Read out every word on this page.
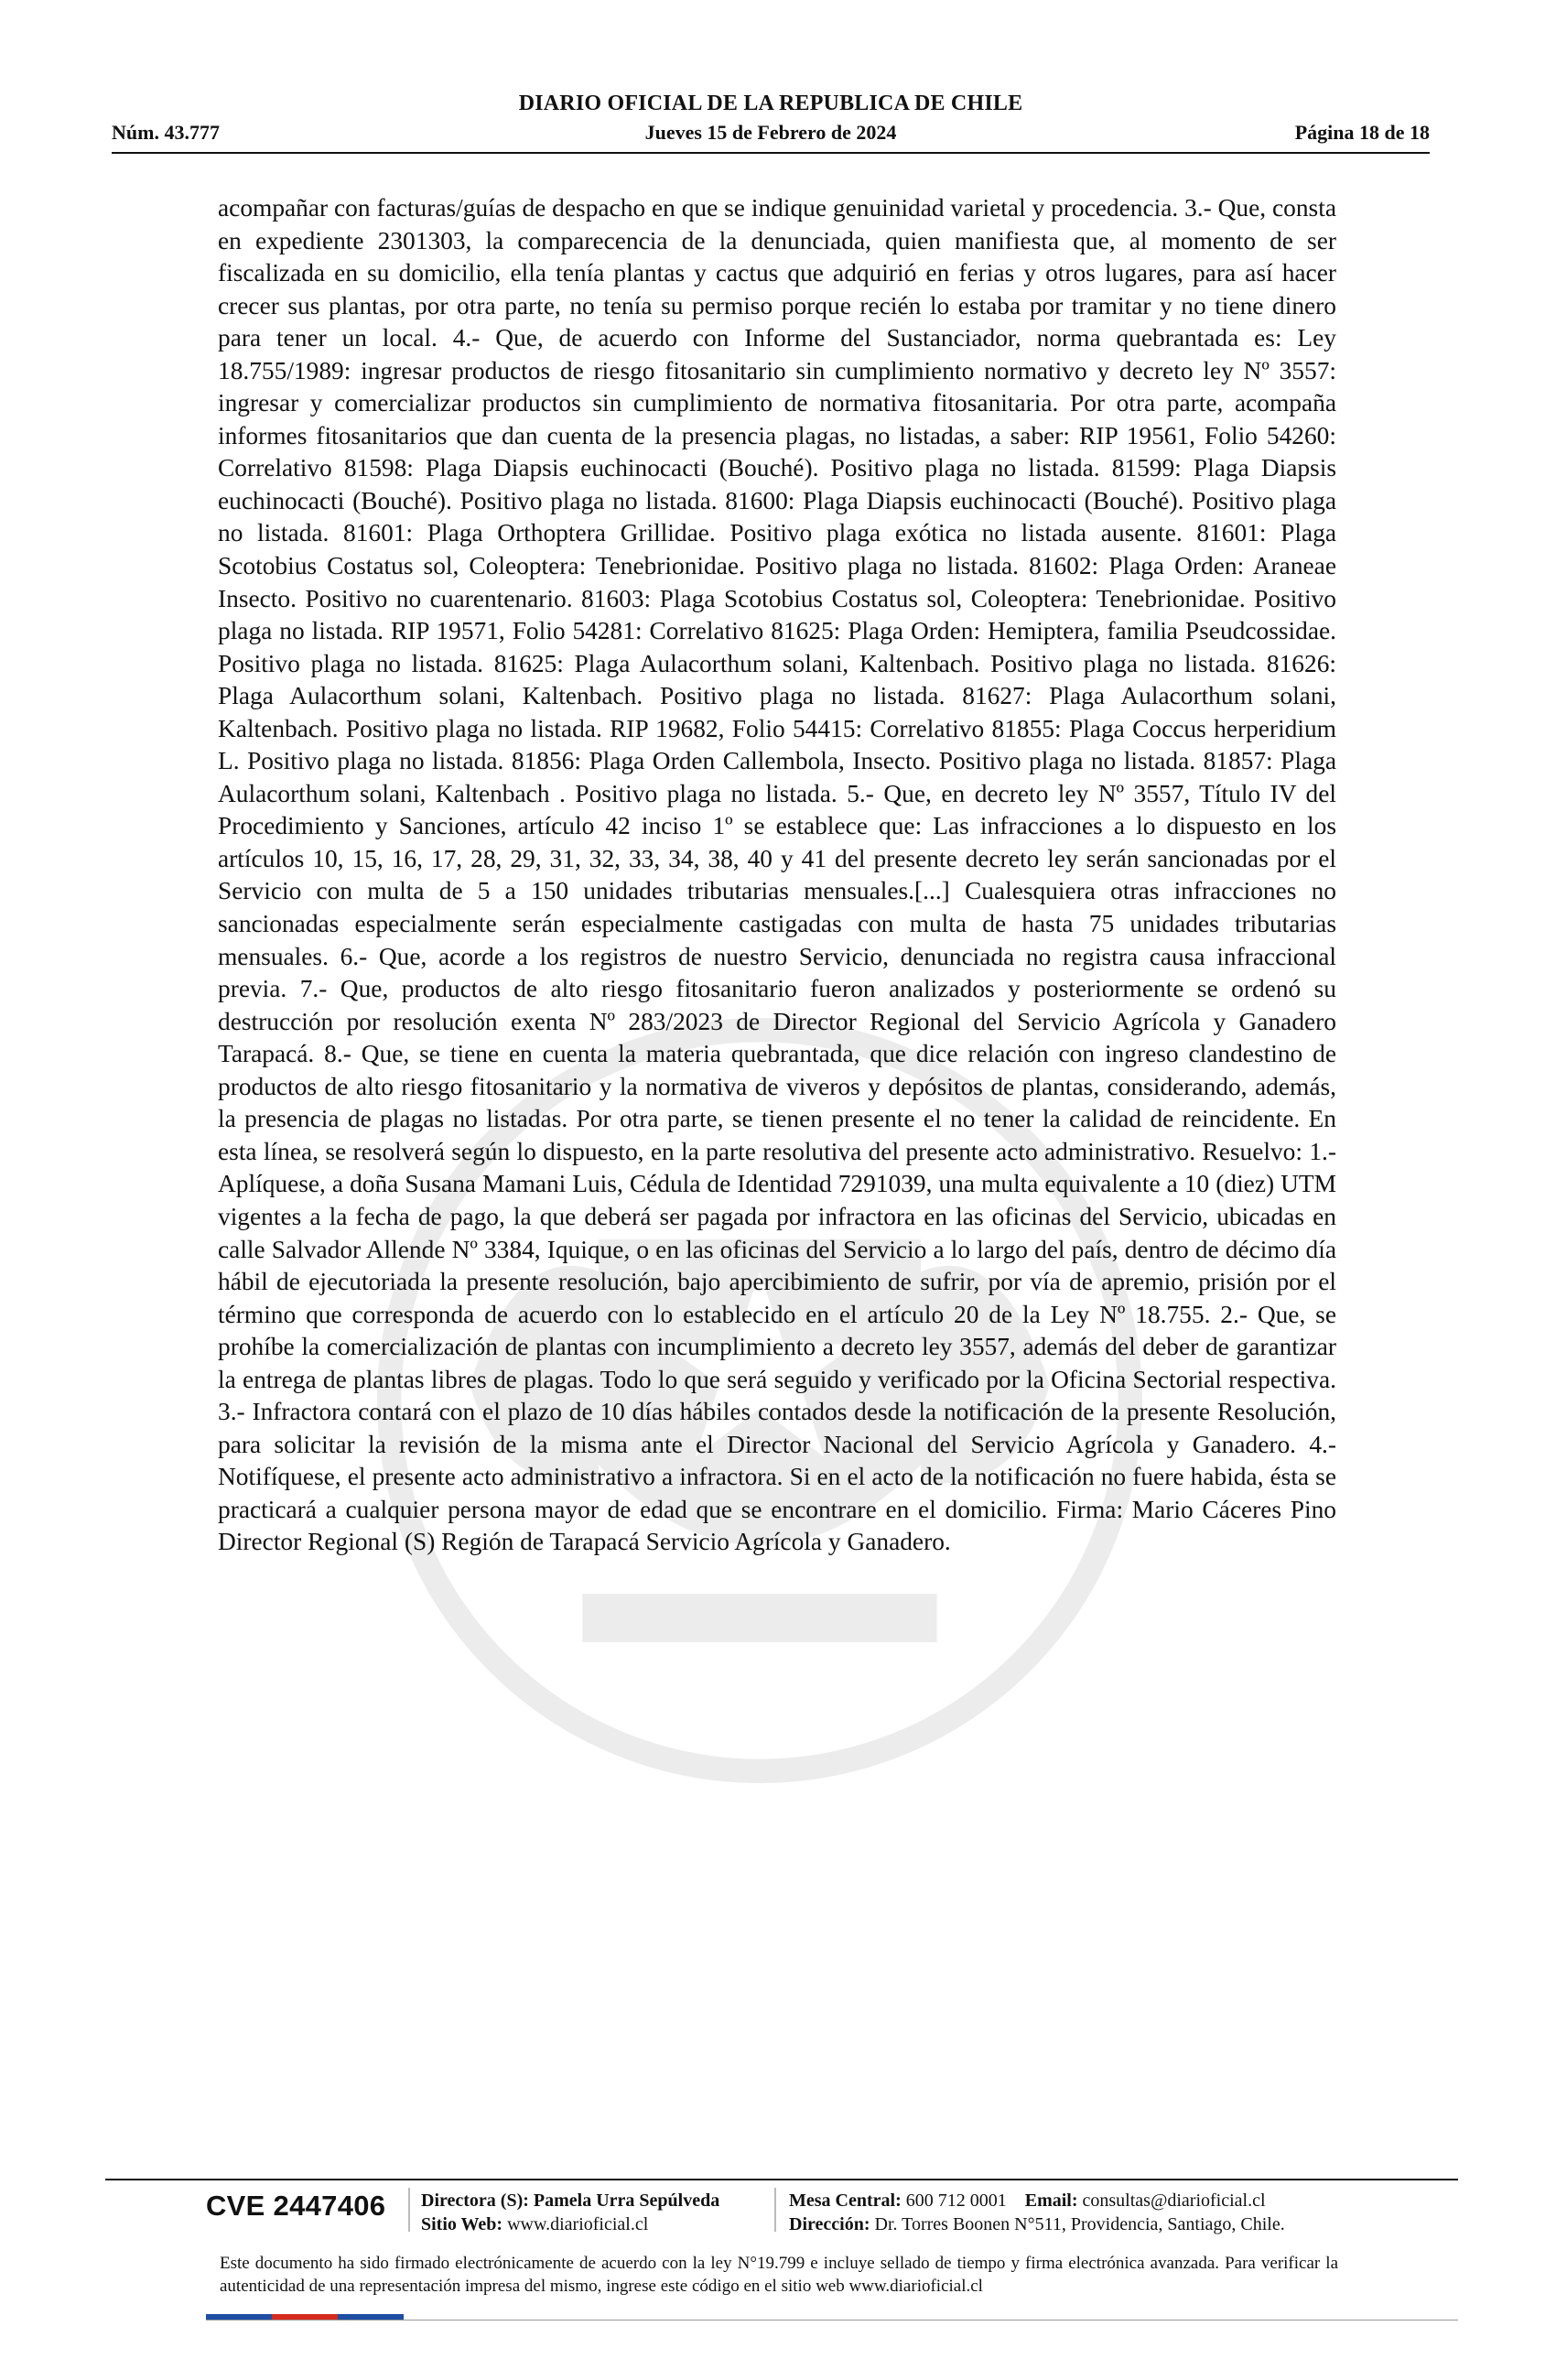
DIARIO OFICIAL DE LA REPUBLICA DE CHILE
Núm. 43.777	Jueves 15 de Febrero de 2024	Página 18 de 18
acompañar con facturas/guías de despacho en que se indique genuinidad varietal y procedencia. 3.- Que, consta en expediente 2301303, la comparecencia de la denunciada, quien manifiesta que, al momento de ser fiscalizada en su domicilio, ella tenía plantas y cactus que adquirió en ferias y otros lugares, para así hacer crecer sus plantas, por otra parte, no tenía su permiso porque recién lo estaba por tramitar y no tiene dinero para tener un local. 4.- Que, de acuerdo con Informe del Sustanciador, norma quebrantada es: Ley 18.755/1989: ingresar productos de riesgo fitosanitario sin cumplimiento normativo y decreto ley Nº 3557: ingresar y comercializar productos sin cumplimiento de normativa fitosanitaria. Por otra parte, acompaña informes fitosanitarios que dan cuenta de la presencia plagas, no listadas, a saber: RIP 19561, Folio 54260: Correlativo 81598: Plaga Diapsis euchinocacti (Bouché). Positivo plaga no listada. 81599: Plaga Diapsis euchinocacti (Bouché). Positivo plaga no listada. 81600: Plaga Diapsis euchinocacti (Bouché). Positivo plaga no listada. 81601: Plaga Orthoptera Grillidae. Positivo plaga exótica no listada ausente. 81601: Plaga Scotobius Costatus sol, Coleoptera: Tenebrionidae. Positivo plaga no listada. 81602: Plaga Orden: Araneae Insecto. Positivo no cuarentenario. 81603: Plaga Scotobius Costatus sol, Coleoptera: Tenebrionidae. Positivo plaga no listada. RIP 19571, Folio 54281: Correlativo 81625: Plaga Orden: Hemiptera, familia Pseudcossidae. Positivo plaga no listada. 81625: Plaga Aulacorthum solani, Kaltenbach. Positivo plaga no listada. 81626: Plaga Aulacorthum solani, Kaltenbach. Positivo plaga no listada. 81627: Plaga Aulacorthum solani, Kaltenbach. Positivo plaga no listada. RIP 19682, Folio 54415: Correlativo 81855: Plaga Coccus herperidium L. Positivo plaga no listada. 81856: Plaga Orden Callembola, Insecto. Positivo plaga no listada. 81857: Plaga Aulacorthum solani, Kaltenbach . Positivo plaga no listada. 5.- Que, en decreto ley Nº 3557, Título IV del Procedimiento y Sanciones, artículo 42 inciso 1º se establece que: Las infracciones a lo dispuesto en los artículos 10, 15, 16, 17, 28, 29, 31, 32, 33, 34, 38, 40 y 41 del presente decreto ley serán sancionadas por el Servicio con multa de 5 a 150 unidades tributarias mensuales.[...] Cualesquiera otras infracciones no sancionadas especialmente serán especialmente castigadas con multa de hasta 75 unidades tributarias mensuales. 6.- Que, acorde a los registros de nuestro Servicio, denunciada no registra causa infraccional previa. 7.- Que, productos de alto riesgo fitosanitario fueron analizados y posteriormente se ordenó su destrucción por resolución exenta Nº 283/2023 de Director Regional del Servicio Agrícola y Ganadero Tarapacá. 8.- Que, se tiene en cuenta la materia quebrantada, que dice relación con ingreso clandestino de productos de alto riesgo fitosanitario y la normativa de viveros y depósitos de plantas, considerando, además, la presencia de plagas no listadas. Por otra parte, se tienen presente el no tener la calidad de reincidente. En esta línea, se resolverá según lo dispuesto, en la parte resolutiva del presente acto administrativo. Resuelvo: 1.- Aplíquese, a doña Susana Mamani Luis, Cédula de Identidad 7291039, una multa equivalente a 10 (diez) UTM vigentes a la fecha de pago, la que deberá ser pagada por infractora en las oficinas del Servicio, ubicadas en calle Salvador Allende Nº 3384, Iquique, o en las oficinas del Servicio a lo largo del país, dentro de décimo día hábil de ejecutoriada la presente resolución, bajo apercibimiento de sufrir, por vía de apremio, prisión por el término que corresponda de acuerdo con lo establecido en el artículo 20 de la Ley Nº 18.755. 2.- Que, se prohíbe la comercialización de plantas con incumplimiento a decreto ley 3557, además del deber de garantizar la entrega de plantas libres de plagas. Todo lo que será seguido y verificado por la Oficina Sectorial respectiva. 3.- Infractora contará con el plazo de 10 días hábiles contados desde la notificación de la presente Resolución, para solicitar la revisión de la misma ante el Director Nacional del Servicio Agrícola y Ganadero. 4.- Notifíquese, el presente acto administrativo a infractora. Si en el acto de la notificación no fuere habida, ésta se practicará a cualquier persona mayor de edad que se encontrare en el domicilio. Firma: Mario Cáceres Pino Director Regional (S) Región de Tarapacá Servicio Agrícola y Ganadero.
CVE 2447406 Directora (S): Pamela Urra Sepúlveda
Sitio Web: www.diarioficial.cl
Mesa Central: 600 712 0001 Email: consultas@diarioficial.cl
Dirección: Dr. Torres Boonen N°511, Providencia, Santiago, Chile.
Este documento ha sido firmado electrónicamente de acuerdo con la ley N°19.799 e incluye sellado de tiempo y firma electrónica avanzada. Para verificar la autenticidad de una representación impresa del mismo, ingrese este código en el sitio web www.diarioficial.cl
